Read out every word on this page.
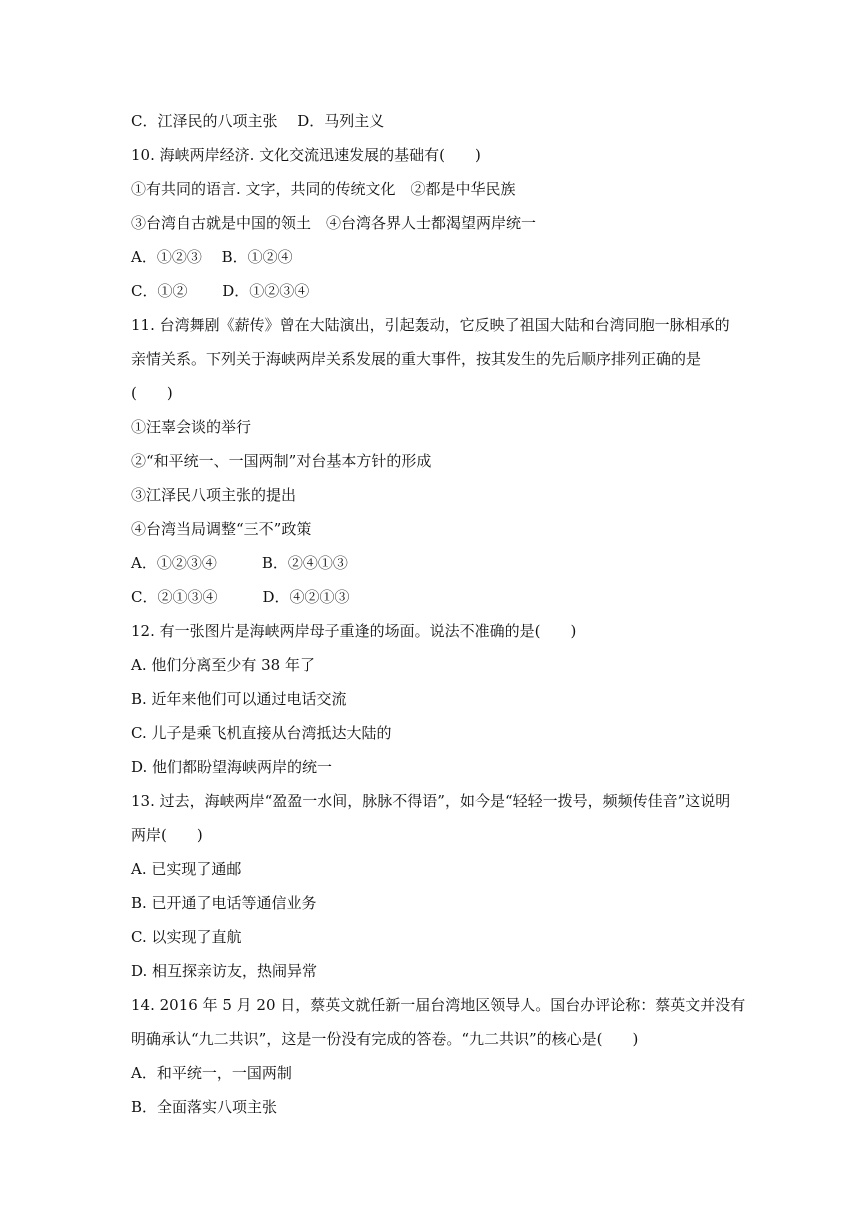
C．江泽民的八项主张　 D．马列主义
10. 海峡两岸经济. 文化交流迅速发展的基础有(　　)
①有共同的语言. 文字，共同的传统文化　②都是中华民族
③台湾自古就是中国的领土　④台湾各界人士都渴望两岸统一
A．①②③　 B．①②④
C．①②　　 D．①②③④
11. 台湾舞剧《薪传》曾在大陆演出，引起轰动，它反映了祖国大陆和台湾同胞一脉相承的
亲情关系。下列关于海峡两岸关系发展的重大事件，按其发生的先后顺序排列正确的是
(　　)
①汪辜会谈的举行
②“和平统一、一国两制”对台基本方针的形成
③江泽民八项主张的提出
④台湾当局调整“三不”政策
A．①②③④　　　B．②④①③
C．②①③④　　　D．④②①③
12. 有一张图片是海峡两岸母子重逢的场面。说法不准确的是(　　)
A. 他们分离至少有 38 年了
B. 近年来他们可以通过电话交流
C. 儿子是乘飞机直接从台湾抵达大陆的
D. 他们都盼望海峡两岸的统一
13. 过去，海峡两岸“盈盈一水间，脉脉不得语”，如今是“轻轻一拨号，频频传佳音”这说明
两岸(　　)
A. 已实现了通邮
B. 已开通了电话等通信业务
C. 以实现了直航
D. 相互探亲访友，热闹异常
14. 2016 年 5 月 20 日，蔡英文就任新一届台湾地区领导人。国台办评论称：蔡英文并没有
明确承认“九二共识”，这是一份没有完成的答卷。“九二共识”的核心是(　　)
A．和平统一，一国两制
B．全面落实八项主张
